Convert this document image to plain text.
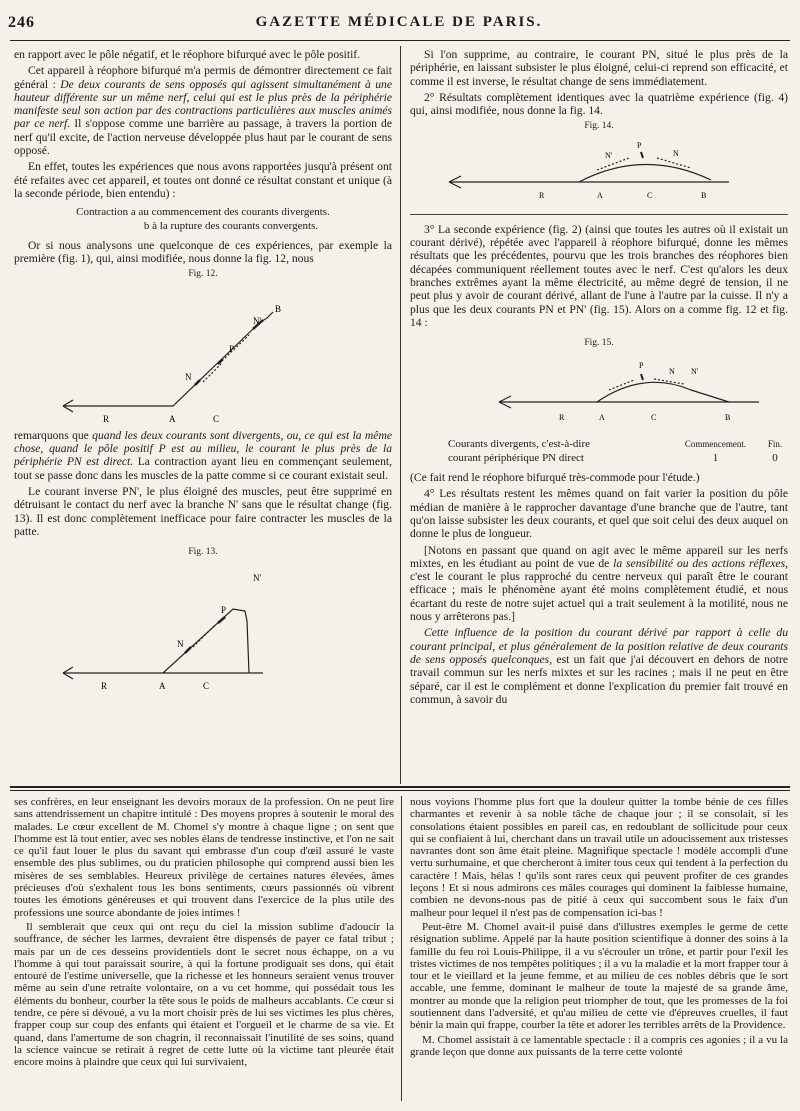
246	GAZETTE MÉDICALE DE PARIS.

en rapport avec le pôle négatif, et le réophore bifurqué avec le pôle positif.

Cet appareil à réophore bifurqué m'a permis de démontrer directement ce fait général : De deux courants de sens opposés qui agissent simultanément à une hauteur différente sur un même nerf, celui qui est le plus près de la périphérie manifeste seul son action par des contractions particulières aux muscles animés par ce nerf. Il s'oppose comme une barrière au passage, à travers la portion de nerf qu'il excite, de l'action nerveuse développée plus haut par le courant de sens opposé.

En effet, toutes les expériences que nous avons rapportées jusqu'à présent ont été refaites avec cet appareil, et toutes ont donné ce résultat constant et unique (à la seconde période, bien entendu) :

Contraction a au commencement des courants divergents.
b à la rupture des courants convergents.

Or si nous analysons une quelconque de ces expériences, par exemple la première (fig. 1), qui, ainsi modifiée, nous donne la fig. 12, nous

Fig. 12.
B
N'
P
N
R	A	C

remarquons que quand les deux courants sont divergents, ou, ce qui est la même chose, quand le pôle positif P est au milieu, le courant le plus près de la périphérie PN est direct. La contraction ayant lieu en commençant seulement, tout se passe donc dans les muscles de la patte comme si ce courant existait seul.

Le courant inverse PN', le plus éloigné des muscles, peut être supprimé en détruisant le contact du nerf avec la branche N' sans que le résultat change (fig. 13). Il est donc complètement inefficace pour faire contracter les muscles de la patte.

Fig. 13.
N'
P
N
R	A	C

Si l'on supprime, au contraire, le courant PN, situé le plus près de la périphérie, en laissant subsister le plus éloigné, celui-ci reprend son efficacité, et comme il est inverse, le résultat change de sens immédiatement.

2° Résultats complètement identiques avec la quatrième expérience (fig. 4) qui, ainsi modifiée, nous donne la fig. 14.

Fig. 14.
N'
P
N
R	A	C	B

3° La seconde expérience (fig. 2) (ainsi que toutes les autres où il existait un courant dérivé), répétée avec l'appareil à réophore bifurqué, donne les mêmes résultats que les précédentes, pourvu que les trois branches des réophores bien décapées communiquent réellement toutes avec le nerf. C'est qu'alors les deux branches extrêmes ayant la même électricité, au même degré de tension, il ne peut plus y avoir de courant dérivé, allant de l'une à l'autre par la cuisse. Il n'y a plus que les deux courants PN et PN' (fig. 15). Alors on a comme fig. 12 et fig. 14 :

Fig. 15.
P
N'
N
R	A	C	B
Courants divergents, c'est-à-dire	Commencement.	Fin.
courant périphérique PN direct	1	0

(Ce fait rend le réophore bifurqué très-commode pour l'étude.)

4° Les résultats restent les mêmes quand on fait varier la position du pôle médian de manière à le rapprocher davantage d'une branche que de l'autre, tant qu'on laisse subsister les deux courants, et quel que soit celui des deux auquel on donne le plus de longueur.

[Notons en passant que quand on agit avec le même appareil sur les nerfs mixtes, en les étudiant au point de vue de la sensibilité ou des actions réflexes, c'est le courant le plus rapproché du centre nerveux qui paraît être le courant efficace ; mais le phénomène ayant été moins complètement étudié, et nous écartant du reste de notre sujet actuel qui a trait seulement à la motilité, nous ne nous y arrêterons pas.]

Cette influence de la position du courant dérivé par rapport à celle du courant principal, et plus généralement de la position relative de deux courants de sens opposés quelconques, est un fait que j'ai découvert en dehors de notre travail commun sur les nerfs mixtes et sur les racines ; mais il ne peut en être séparé, car il est le complément et donne l'explication du premier fait trouvé en commun, à savoir du

ses confrères, en leur enseignant les devoirs moraux de la profession. On ne peut lire sans attendrissement un chapitre intitulé : Des moyens propres à soutenir le moral des malades. Le cœur excellent de M. Chomel s'y montre à chaque ligne ; on sent que l'homme est là tout entier, avec ses nobles élans de tendresse instinctive, et l'on ne sait ce qu'il faut louer le plus du savant qui embrasse d'un coup d'œil assuré le vaste ensemble des plus sublimes, ou du praticien philosophe qui comprend aussi bien les misères de ses semblables. Heureux privilège de certaines natures élevées, âmes précieuses d'où s'exhalent tous les bons sentiments, cœurs passionnés où vibrent toutes les émotions généreuses et qui trouvent dans l'exercice de la plus utile des professions une source abondante de joies intimes !

Il semblerait que ceux qui ont reçu du ciel la mission sublime d'adoucir la souffrance, de sécher les larmes, devraient être dispensés de payer ce fatal tribut ; mais par un de ces desseins providentiels dont le secret nous échappe, on a vu l'homme à qui tout paraissait sourire, à qui la fortune prodiguait ses dons, qui était entouré de l'estime universelle, que la richesse et les honneurs seraient venus trouver même au sein d'une retraite volontaire, on a vu cet homme, qui possédait tous les éléments du bonheur, courber la tête sous le poids de malheurs accablants. Ce cœur si tendre, ce père si dévoué, a vu la mort choisir près de lui ses victimes les plus chères, frapper coup sur coup des enfants qui étaient et l'orgueil et le charme de sa vie. Et quand, dans l'amertume de son chagrin, il reconnaissait l'inutilité de ses soins, quand la science vaincue se retirait à regret de cette lutte où la victime tant pleurée était encore moins à plaindre que ceux qui lui survivaient,

nous voyions l'homme plus fort que la douleur quitter la tombe bénie de ces filles charmantes et revenir à sa noble tâche de chaque jour ; il se consolait, si les consolations étaient possibles en pareil cas, en redoublant de sollicitude pour ceux qui se confiaient à lui, cherchant dans un travail utile un adoucissement aux tristesses navrantes dont son âme était pleine. Magnifique spectacle ! modèle accompli d'une vertu surhumaine, et que chercheront à imiter tous ceux qui tendent à la perfection du caractère ! Mais, hélas ! qu'ils sont rares ceux qui peuvent profiter de ces grandes leçons ! Et si nous admirons ces mâles courages qui dominent la faiblesse humaine, combien ne devons-nous pas de pitié à ceux qui succombent sous le faix d'un malheur pour lequel il n'est pas de compensation ici-bas !

Peut-être M. Chomel avait-il puisé dans d'illustres exemples le germe de cette résignation sublime. Appelé par la haute position scientifique à donner des soins à la famille du feu roi Louis-Philippe, il a vu s'écrouler un trône, et partir pour l'exil les tristes victimes de nos tempêtes politiques ; il a vu la maladie et la mort frapper tour à tour et le vieillard et la jeune femme, et au milieu de ces nobles débris que le sort accable, une femme, dominant le malheur de toute la majesté de sa grande âme, montrer au monde que la religion peut triompher de tout, que les promesses de la foi soutiennent dans l'adversité, et qu'au milieu de cette vie d'épreuves cruelles, il faut bénir la main qui frappe, courber la tête et adorer les terribles arrêts de la Providence.

M. Chomel assistait à ce lamentable spectacle : il a compris ces agonies ; il a vu la grande leçon que donne aux puissants de la terre cette volonté
